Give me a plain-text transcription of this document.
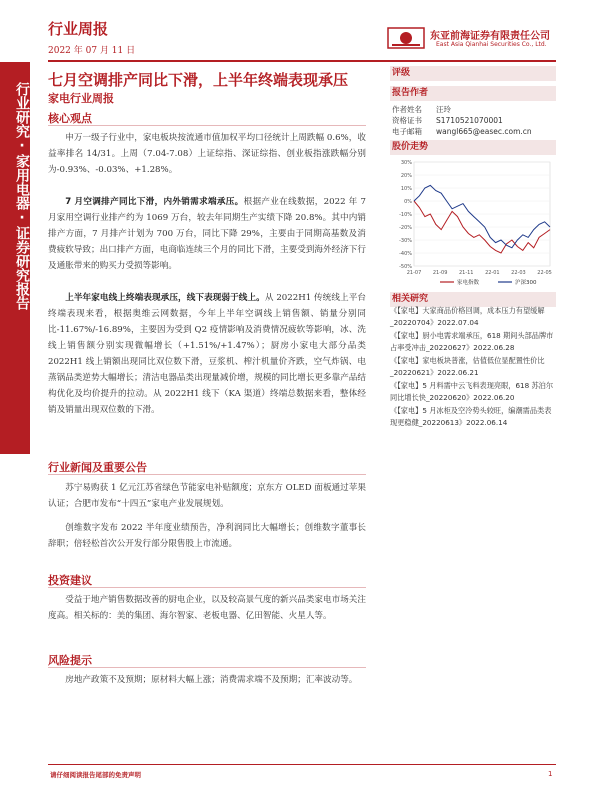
行业周报
2022 年 07 月 11 日
东亚前海证券有限责任公司
East Asia Qianhai Securities Co., Ltd.
行业研究·家用电器·证券研究报告
七月空调排产同比下滑，上半年终端表现承压
家电行业周报
核心观点

申万一级子行业中，家电板块按流通市值加权平均口径统计上周跌幅 0.6%，收益率排名 14/31。上周（7.04-7.08）上证综指、深证综指、创业板指涨跌幅分别为-0.93%、-0.03%、+1.28%。

7 月空调排产同比下滑，内外销需求端承压。根据产业在线数据，2022 年 7 月家用空调行业排产约为 1069 万台，较去年同期生产实绩下降 20.8%。其中内销排产方面，7 月排产计划为 700 万台，同比下降 29%，主要由于同期高基数及消费疲软导致；出口排产方面，电商临连续三个月的同比下滑，主要受到海外经济下行及通胀带来的购买力受损等影响。

上半年家电线上终端表现承压，线下表现弱于线上。从 2022H1 传统线上平台终端表现来看，根据奥维云网数据，今年上半年空调线上销售额、销量分别同比-11.67%/-16.89%，主要因为受到 Q2 疫情影响及消费情况疲软等影响，冰、洗线上销售额分别实现微幅增长（+1.51%/+1.47%）；厨房小家电大部分品类 2022H1 线上销额出现同比双位数下滑，豆浆机、榨汁机量价齐跌，空气炸锅、电蒸锅品类逆势大幅增长；清洁电器品类出现量减价增，规模的同比增长更多靠产品结构优化及均价提升的拉动。从 2022H1 线下（KA 渠道）终端总数据来看，整体经销及销量出现双位数的下滑。

行业新闻及重要公告

苏宁易购获 1 亿元江苏省绿色节能家电补贴额度；京东方 OLED 面板通过苹果认证；合肥市发布“十四五”家电产业发展规划。

创维数字发布 2022 半年度业绩预告，净利润同比大幅增长；创维数字董事长辞职；倍轻松首次公开发行部分限售股上市流通。

投资建议

受益于地产销售数据改善的厨电企业，以及较高景气度的新兴品类家电市场关注度高。相关标的：美的集团、海尔智家、老板电器、亿田智能、火星人等。

风险提示

房地产政策不及预期；原材料大幅上涨；消费需求端不及预期；汇率波动等。

评级
报告作者
作者姓名 汪玲
资格证书 S1710521070001
电子邮箱 wangl665@easec.com.cn
股价走势
30%
20%
10%
0%
-10%
-20%
-30%
-40%
-50%
21-07 21-09 21-11 22-01 22-03 22-05
家电指数	沪深300
相关研究
《【家电】大家商品价格回调，成本压力有望缓解_20220704》2022.07.04
《【家电】厨小电需求端承压，618 期间头部品牌市占率受冲击_20220627》2022.06.28
《【家电】家电板块普涨，估值低位显配置性价比_20220621》2022.06.21
《【家电】5 月料需中云飞料表现亮眼，618 苏泊尔同比增长快_20220620》2022.06.20
《【家电】5 月冰柜及空冷势头较旺，编潮需品类表现更稳健_20220613》2022.06.14
请仔细阅读报告尾部的免责声明	1
